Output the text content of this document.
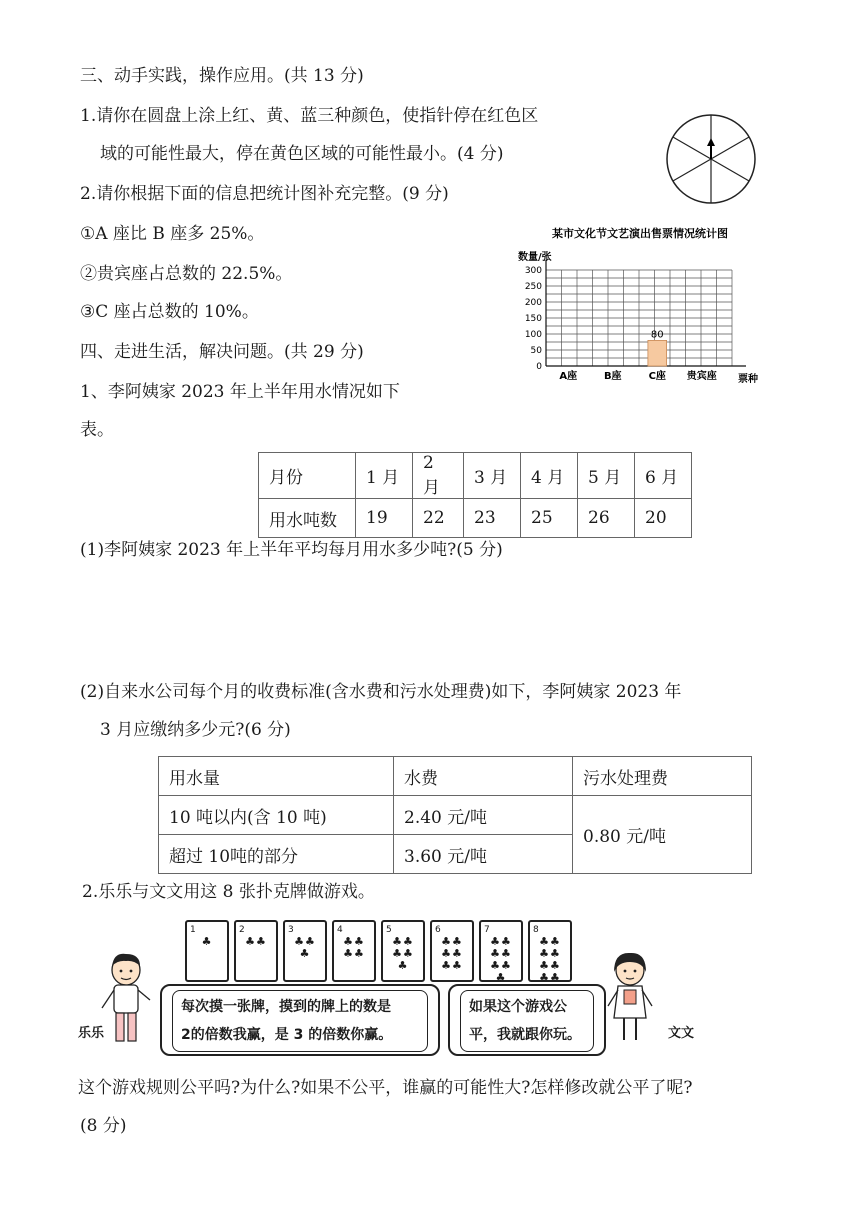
三、动手实践，操作应用。(共 13 分)
1.请你在圆盘上涂上红、黄、蓝三种颜色，使指针停在红色区
域的可能性最大，停在黄色区域的可能性最小。(4 分)
2.请你根据下面的信息把统计图补充完整。(9 分)
①A 座比 B 座多 25%。
②贵宾座占总数的 22.5%。
③C 座占总数的 10%。
某市文化节文艺演出售票情况统计图
数量/张
0
50
100
150
200
250
300
80
A座	B座	C座 贵宾座 票种
四、走进生活，解决问题。(共 29 分)
1、李阿姨家 2023 年上半年用水情况如下
表。
月份	1 月	2 月	3 月	4 月	5 月	6 月
用水吨数	19	22	23	25	26	20
(1)李阿姨家 2023 年上半年平均每月用水多少吨?(5 分)
(2)自来水公司每个月的收费标准(含水费和污水处理费)如下，李阿姨家 2023 年
3 月应缴纳多少元?(6 分)
用水量	水费	污水处理费
10 吨以内(含 10 吨)	2.40 元/吨	0.80 元/吨
超过 10吨的部分	3.60 元/吨	
2.乐乐与文文用这 8 张扑克牌做游戏。
1
♣
2
♣♣
3
♣♣♣
4
♣♣♣♣
5
♣♣♣♣♣
6
♣♣♣♣♣♣
7
♣♣♣♣♣♣♣
8
♣♣♣♣♣♣♣♣
乐乐
每次摸一张牌，摸到的牌上的数是
2的倍数我赢，是 3 的倍数你赢。
如果这个游戏公
平，我就跟你玩。	文文
这个游戏规则公平吗?为什么?如果不公平，谁赢的可能性大?怎样修改就公平了呢?
(8 分)
